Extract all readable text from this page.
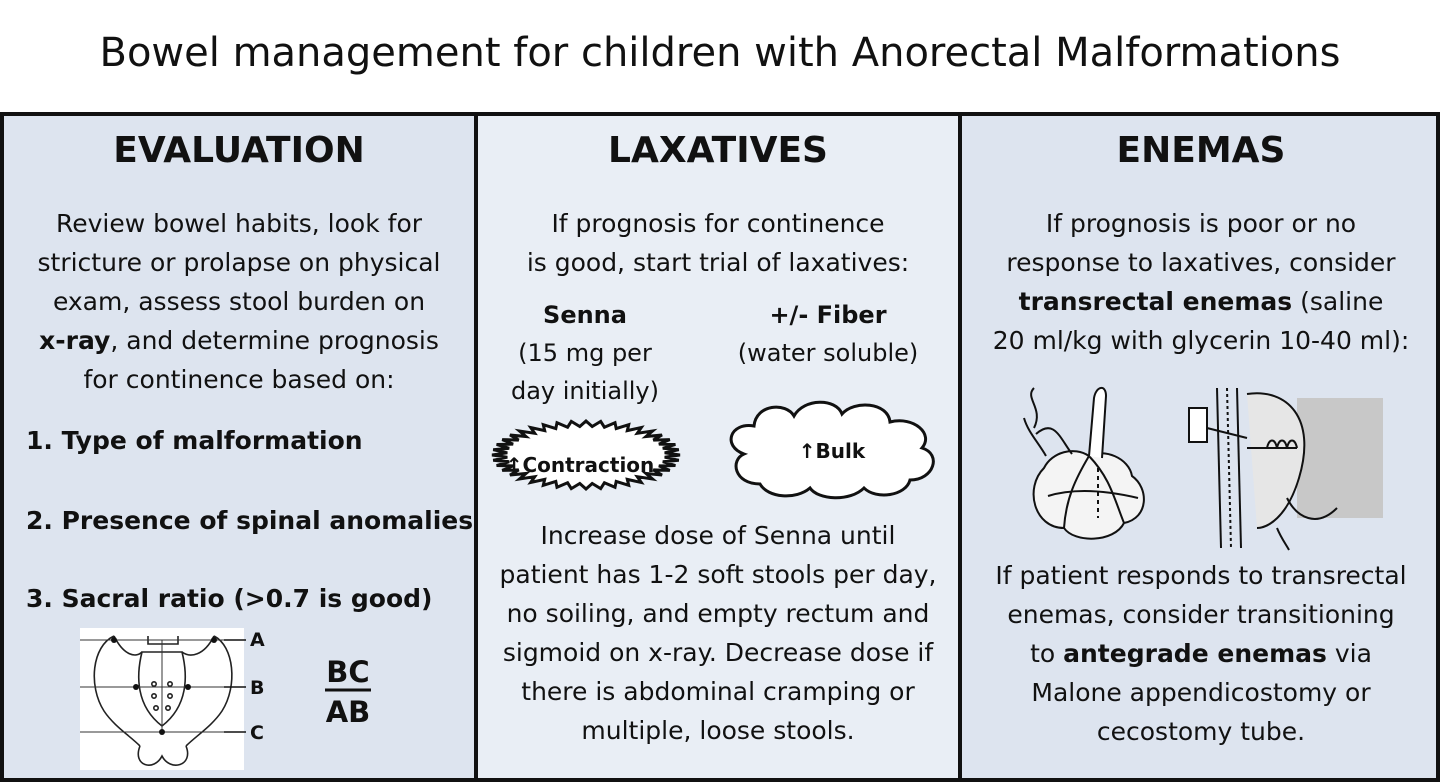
Bowel management for children with Anorectal Malformations
EVALUATION
Review bowel habits, look for
stricture or prolapse on physical
exam, assess stool burden on
x-ray, and determine prognosis
for continence based on:
1. Type of malformation
2. Presence of spinal anomalies
3. Sacral ratio (>0.7 is good)
A
B
C
BC
AB
LAXATIVES
If prognosis for continence
is good, start trial of laxatives:
Senna
(15 mg per
day initially)
+/- Fiber
(water soluble)
↑Contraction
↑Bulk
Increase dose of Senna until
patient has 1-2 soft stools per day,
no soiling, and empty rectum and
sigmoid on x-ray. Decrease dose if
there is abdominal cramping or
multiple, loose stools.
ENEMAS
If prognosis is poor or no
response to laxatives, consider
transrectal enemas (saline
20 ml/kg with glycerin 10-40 ml):
If patient responds to transrectal
enemas, consider transitioning
to antegrade enemas via
Malone appendicostomy or
cecostomy tube.
